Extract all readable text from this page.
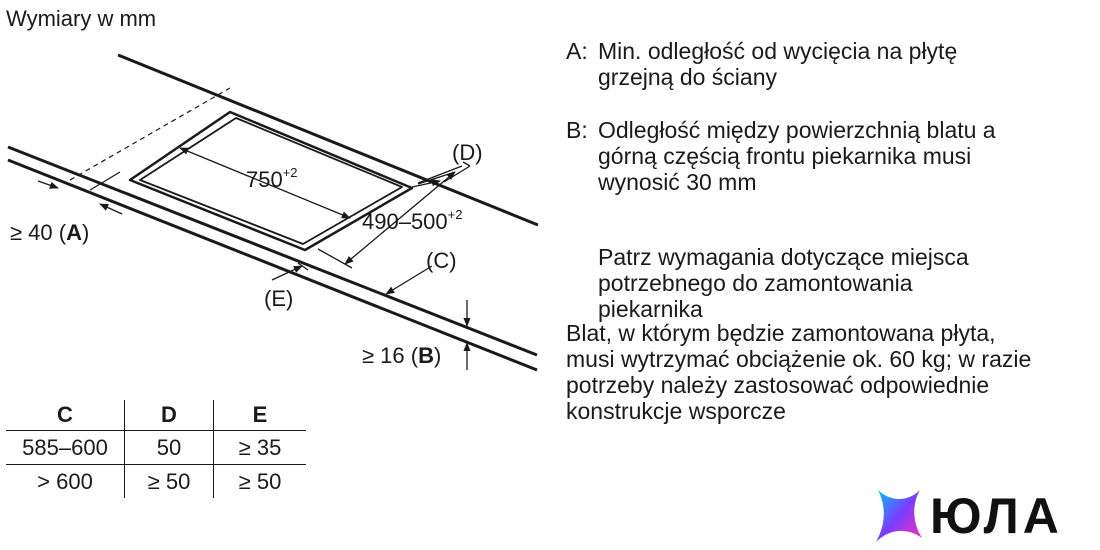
Wymiary w mm
$750^{+2}$
$490-500^{+2}$
(D)
(C)
(E)
≥ 40 (A)
≥ 16 (B)
A: Min. odległość od wycięcia na płytę
grzejną do ściany
B: Odległość między powierzchnią blatu a
górną częścią frontu piekarnika musi
wynosić 30 mm
Patrz wymagania dotyczące miejsca
potrzebnego do zamontowania
piekarnika
Blat, w którym będzie zamontowana płyta,
musi wytrzymać obciążenie ok. 60 kg; w razie
potrzeby należy zastosować odpowiednie
konstrukcje wsporcze
C	D	E
585–600	50	≥ 35
> 600	≥ 50	≥ 50
ЮЛА
